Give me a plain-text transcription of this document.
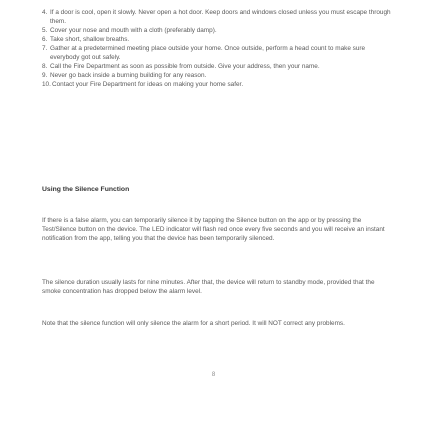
4. If a door is cool, open it slowly. Never open a hot door. Keep doors and windows closed unless you must escape through them.
5. Cover your nose and mouth with a cloth (preferably damp).
6. Take short, shallow breaths.
7. Gather at a predetermined meeting place outside your home. Once outside, perform a head count to make sure everybody got out safely.
8. Call the Fire Department as soon as possible from outside. Give your address, then your name.
9. Never go back inside a burning building for any reason.
10. Contact your Fire Department for ideas on making your home safer.
Using the Silence Function

If there is a false alarm, you can temporarily silence it by tapping the Silence button on the app or by pressing the Test/Silence button on the device. The LED indicator will flash red once every five seconds and you will receive an instant notification from the app, telling you that the device has been temporarily silenced.

The silence duration usually lasts for nine minutes. After that, the device will return to standby mode, provided that the smoke concentration has dropped below the alarm level.

Note that the silence function will only silence the alarm for a short period. It will NOT correct any problems.

8
